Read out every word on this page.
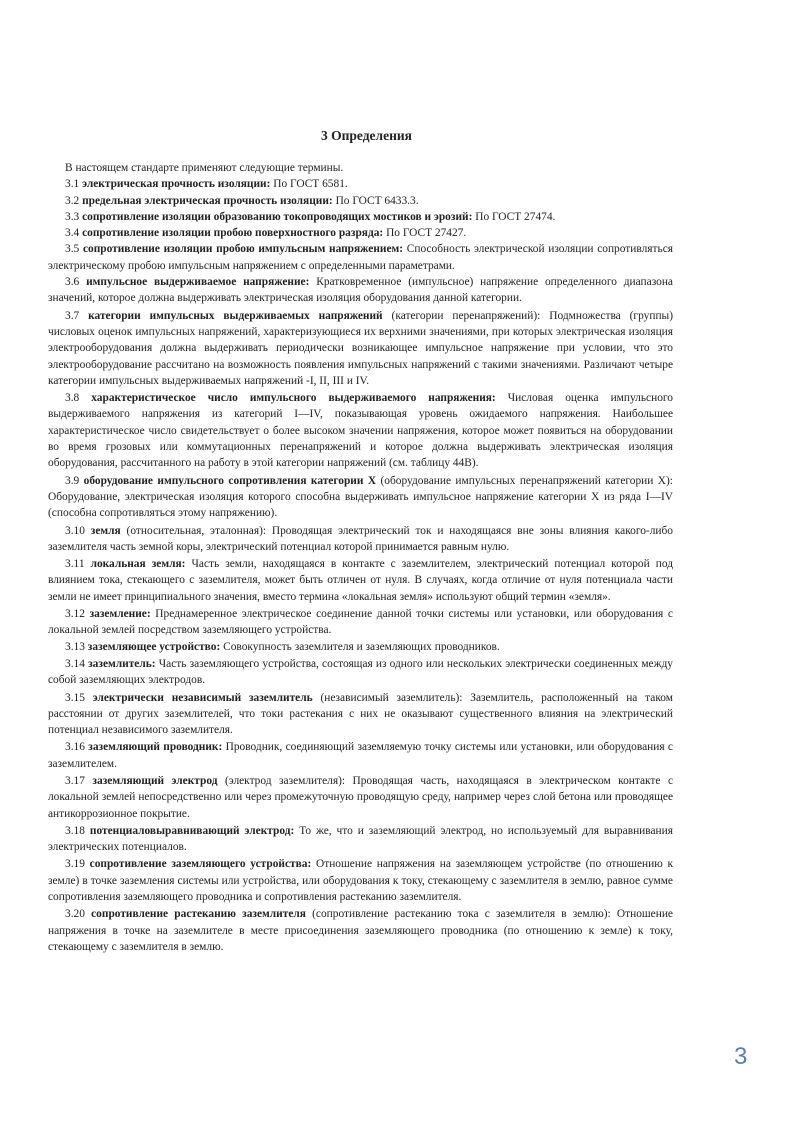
3 Определения

В настоящем стандарте применяют следующие термины.

3.1 электрическая прочность изоляции: По ГОСТ 6581.

3.2 предельная электрическая прочность изоляции: По ГОСТ 6433.3.

3.3 сопротивление изоляции образованию токопроводящих мостиков и эрозий: По ГОСТ 27474.

3.4 сопротивление изоляции пробою поверхностного разряда: По ГОСТ 27427.

3.5 сопротивление изоляции пробою импульсным напряжением: Способность электрической изоляции сопротивляться электрическому пробою импульсным напряжением с определенными параметрами.

3.6 импульсное выдерживаемое напряжение: Кратковременное (импульсное) напряжение определенного диапазона значений, которое должна выдерживать электрическая изоляция оборудования данной категории.

3.7 категории импульсных выдерживаемых напряжений (категории перенапряжений): Подмножества (группы) числовых оценок импульсных напряжений, характеризующиеся их верхними значениями, при которых электрическая изоляция электрооборудования должна выдерживать периодически возникающее импульсное напряжение при условии, что это электрооборудование рассчитано на возможность появления импульсных напряжений с такими значениями. Различают четыре категории импульсных выдерживаемых напряжений -I, II, III и IV.

3.8 характеристическое число импульсного выдерживаемого напряжения: Числовая оценка импульсного выдерживаемого напряжения из категорий I—IV, показывающая уровень ожидаемого напряжения. Наибольшее характеристическое число свидетельствует о более высоком значении напряжения, которое может появиться на оборудовании во время грозовых или коммутационных перенапряжений и которое должна выдерживать электрическая изоляция оборудования, рассчитанного на работу в этой категории напряжений (см. таблицу 44В).

3.9 оборудование импульсного сопротивления категории X (оборудование импульсных перенапряжений категории X): Оборудование, электрическая изоляция которого способна выдерживать импульсное напряжение категории X из ряда I—IV (способна сопротивляться этому напряжению).

3.10 земля (относительная, эталонная): Проводящая электрический ток и находящаяся вне зоны влияния какого-либо заземлителя часть земной коры, электрический потенциал которой принимается равным нулю.

3.11 локальная земля: Часть земли, находящаяся в контакте с заземлителем, электрический потенциал которой под влиянием тока, стекающего с заземлителя, может быть отличен от нуля. В случаях, когда отличие от нуля потенциала части земли не имеет принципиального значения, вместо термина «локальная земля» используют общий термин «земля».

3.12 заземление: Преднамеренное электрическое соединение данной точки системы или установки, или оборудования с локальной землей посредством заземляющего устройства.

3.13 заземляющее устройство: Совокупность заземлителя и заземляющих проводников.

3.14 заземлитель: Часть заземляющего устройства, состоящая из одного или нескольких электрически соединенных между собой заземляющих электродов.

3.15 электрически независимый заземлитель (независимый заземлитель): Заземлитель, расположенный на таком расстоянии от других заземлителей, что токи растекания с них не оказывают существенного влияния на электрический потенциал независимого заземлителя.

3.16 заземляющий проводник: Проводник, соединяющий заземляемую точку системы или установки, или оборудования с заземлителем.

3.17 заземляющий электрод (электрод заземлителя): Проводящая часть, находящаяся в электрическом контакте с локальной землей непосредственно или через промежуточную проводящую среду, например через слой бетона или проводящее антикоррозионное покрытие.

3.18 потенциаловыравнивающий электрод: То же, что и заземляющий электрод, но используемый для выравнивания электрических потенциалов.

3.19 сопротивление заземляющего устройства: Отношение напряжения на заземляющем устройстве (по отношению к земле) в точке заземления системы или устройства, или оборудования к току, стекающему с заземлителя в землю, равное сумме сопротивления заземляющего проводника и сопротивления растеканию заземлителя.

3.20 сопротивление растеканию заземлителя (сопротивление растеканию тока с заземлителя в землю): Отношение напряжения в точке на заземлителе в месте присоединения заземляющего проводника (по отношению к земле) к току, стекающему с заземлителя в землю.

3
